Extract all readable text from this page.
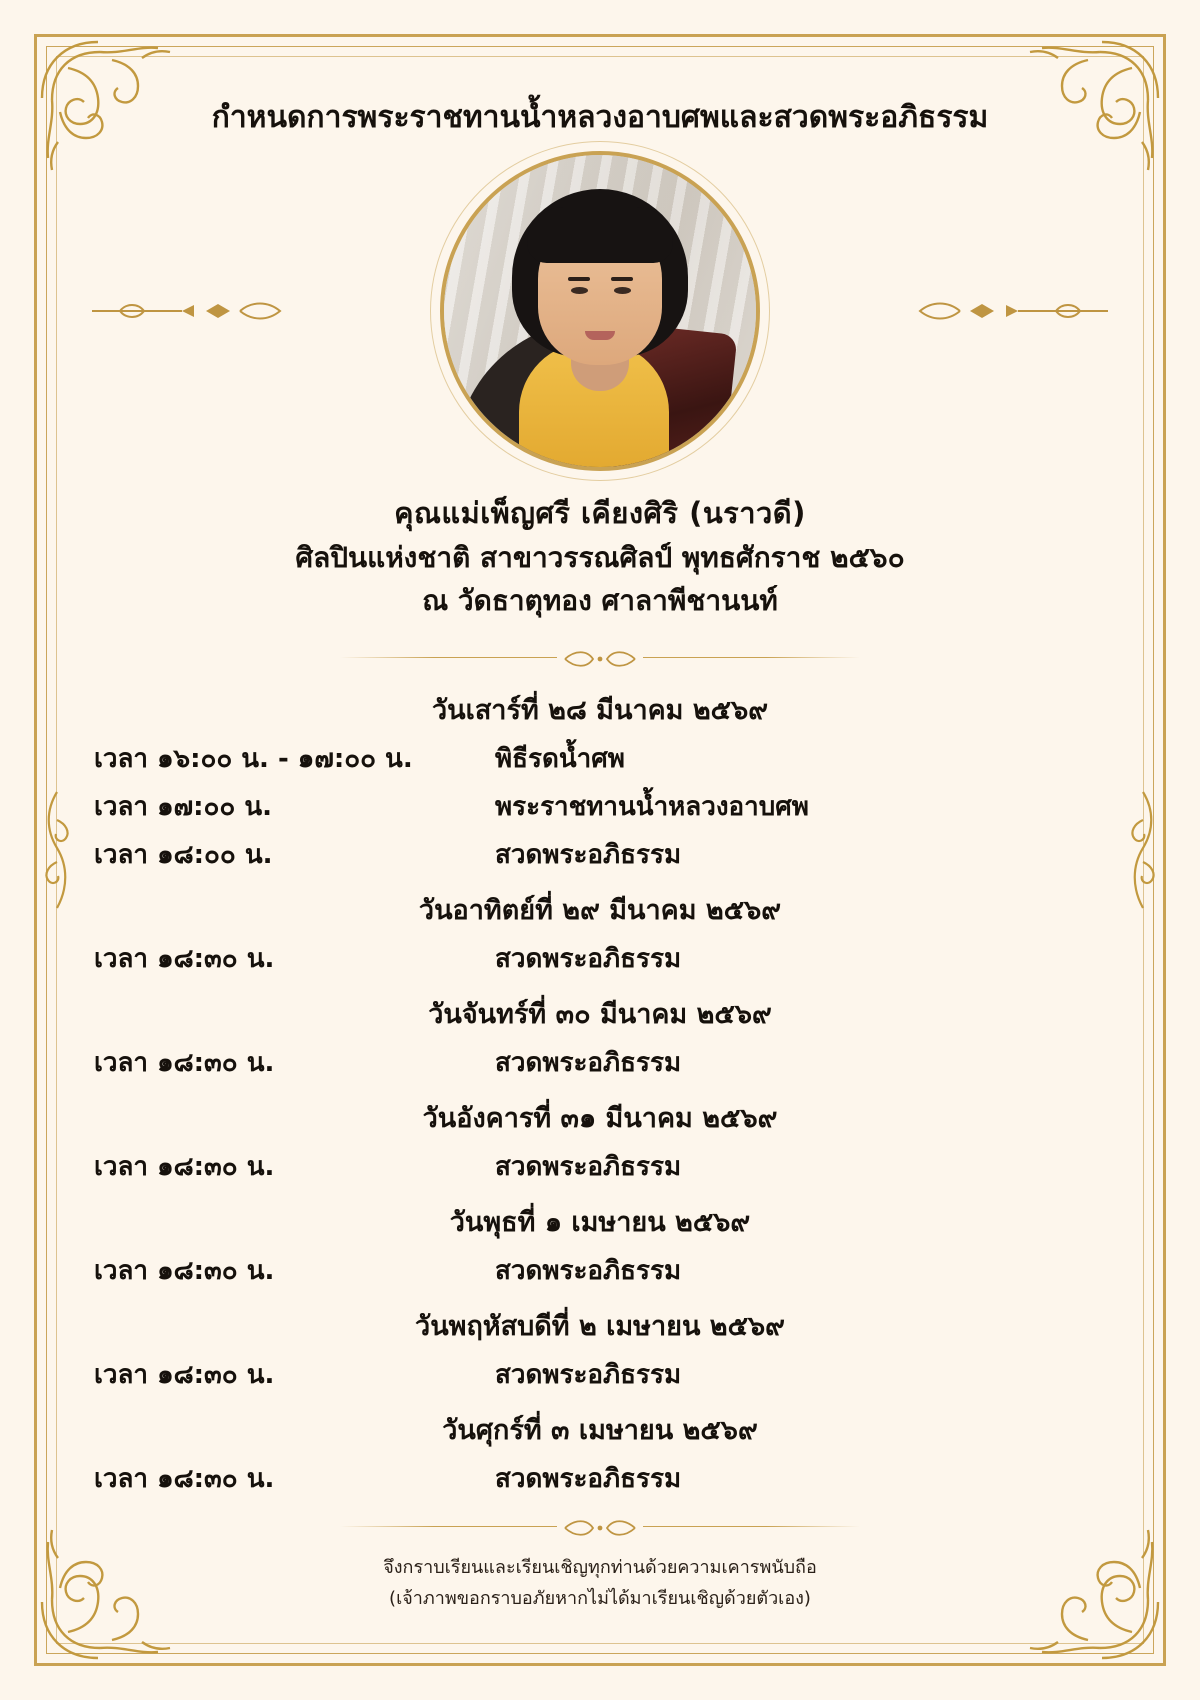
กำหนดการพระราชทานน้ำหลวงอาบศพและสวดพระอภิธรรม
คุณแม่เพ็ญศรี เคียงศิริ (นราวดี)
ศิลปินแห่งชาติ สาขาวรรณศิลป์ พุทธศักราช ๒๕๖๐
ณ วัดธาตุทอง ศาลาพีชานนท์
วันเสาร์ที่ ๒๘ มีนาคม ๒๕๖๙
เวลา ๑๖:๐๐ น. - ๑๗:๐๐ น.	พิธีรดน้ำศพ
เวลา ๑๗:๐๐ น.	พระราชทานน้ำหลวงอาบศพ
เวลา ๑๘:๐๐ น.	สวดพระอภิธรรม
วันอาทิตย์ที่ ๒๙ มีนาคม ๒๕๖๙
เวลา ๑๘:๓๐ น.	สวดพระอภิธรรม
วันจันทร์ที่ ๓๐ มีนาคม ๒๕๖๙
เวลา ๑๘:๓๐ น.	สวดพระอภิธรรม
วันอังคารที่ ๓๑ มีนาคม ๒๕๖๙
เวลา ๑๘:๓๐ น.	สวดพระอภิธรรม
วันพุธที่ ๑ เมษายน ๒๕๖๙
เวลา ๑๘:๓๐ น.	สวดพระอภิธรรม
วันพฤหัสบดีที่ ๒ เมษายน ๒๕๖๙
เวลา ๑๘:๓๐ น.	สวดพระอภิธรรม
วันศุกร์ที่ ๓ เมษายน ๒๕๖๙
เวลา ๑๘:๓๐ น.	สวดพระอภิธรรม
จึงกราบเรียนและเรียนเชิญทุกท่านด้วยความเคารพนับถือ
(เจ้าภาพขอกราบอภัยหากไม่ได้มาเรียนเชิญด้วยตัวเอง)
